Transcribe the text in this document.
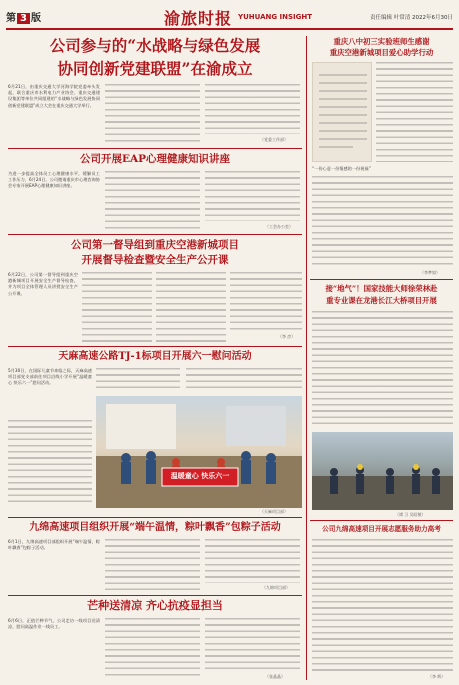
第 3 版	渝旅时报 YUHUANG INSIGHT	责任编辑 叶常清 2022年6月30日
公司参与的“水战略与绿色发展
协同创新党建联盟”在渝成立
6月21日，由重庆交通大学河海学院党委牵头发起，联合重庆市水利电力产业协会、重庆交通建设集团等单位共同组建的“水战略与绿色发展协同创新党建联盟”成立大会在重庆交通大学举行。
（党委工作部）
公司开展EAP心理健康知识讲座
为进一步提高全体员工心理健康水平，缓解员工工作压力，6月24日，公司邀请重庆市心理咨询协会专家开展EAP心理健康知识讲座。
（工会办公室）
公司第一督导组到重庆空港新城项目
开展督导检查暨安全生产公开课
6月22日，公司第一督导组到重庆空港新城项目开展安全生产督导检查，并为项目全体管理人员讲授安全生产公开课。
（李 彦）
天麻高速公路TJ-1标项目开展六一慰问活动
5月30日，在国际儿童节来临之际，天麻高速项目部党支部前往项目沿线小学开展“温暖童心 快乐六一”慰问活动。
温暖童心 快乐六一
（天麻项目部）
九绵高速项目组织开展“端午温情，粽叶飘香”包粽子活动
6月1日，九绵高速项目部组织开展“端午温情，粽叶飘香”包粽子活动。
（九绵项目部）
芒种送清凉 齐心抗疫显担当
6月6日，正值芒种节气，公司走访一线项目送清凉，慰问高温作业一线员工。
（张晶晶）
重庆八中初三实验班师生感谢
重庆空港新城项目爱心助学行动
“一份心意一份情感的一份祝福”
（李梦如）
接“地气”！国家技能大师徐荣林赴
重专业课在龙港长江大桥项目开展
（谭 卫 吴昭敏）
公司九绵高速项目开展志愿服务助力高考
（李 辉）
